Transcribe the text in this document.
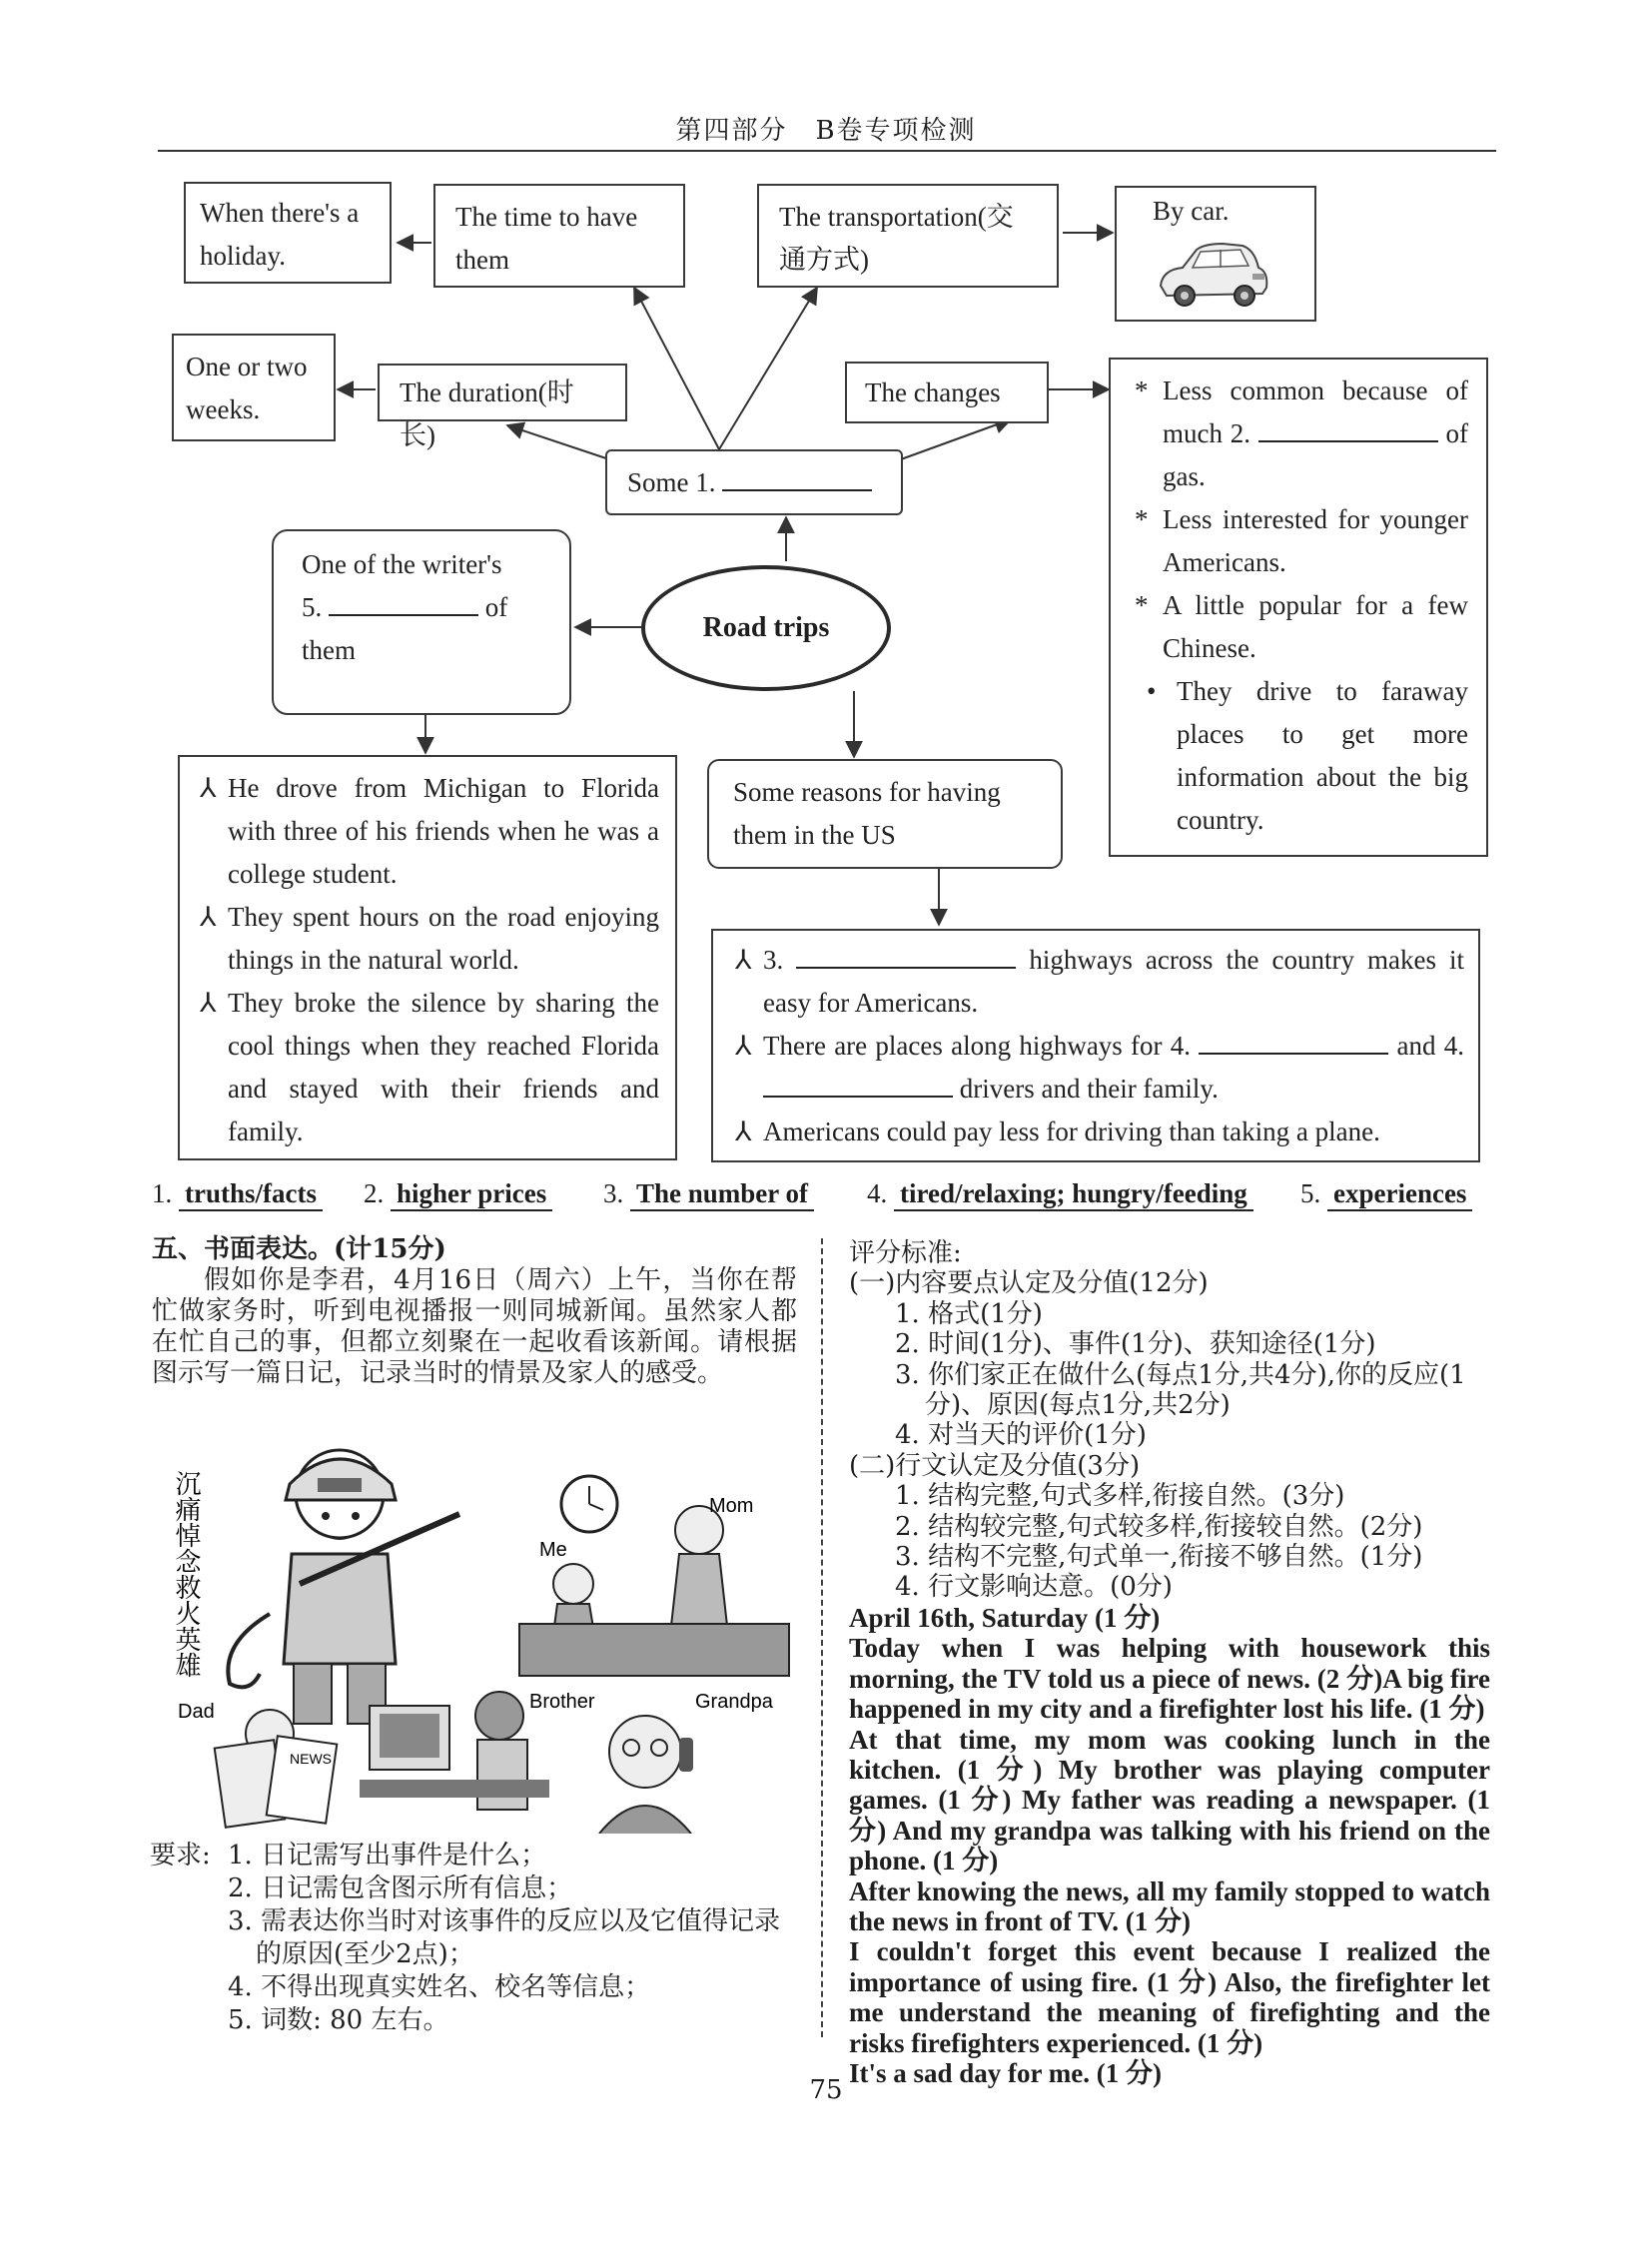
第四部分　B卷专项检测
When there's a holiday.
The time to have them
The transportation(交通方式)
By car.
One or two weeks.
The duration(时长)
The changes
Some 1.
* Less common because of much 2.	of gas.
* Less interested for younger Americans.
* A little popular for a few Chinese.
• They drive to faraway places to get more information about the big country.
Road trips
One of the writer's
5.	of
them
⅄ He drove from Michigan to Florida with three of his friends when he was a college student.
⅄ They spent hours on the road enjoying things in the natural world.
⅄ They broke the silence by sharing the cool things when they reached Florida and stayed with their friends and family.
Some reasons for having them in the US
⅄ 3.	highways across the country makes it easy for Americans.
⅄ There are places along highways for 4.	and 4.  drivers and their family.
⅄ Americans could pay less for driving than taking a plane.
1. truths/facts 2. higher prices 3. The number of 4. tired/relaxing; hungry/feeding 5. experiences
五、书面表达。(计15分)
假如你是李君，4月16日（周六）上午，当你在帮忙做家务时，听到电视播报一则同城新闻。虽然家人都在忙自己的事，但都立刻聚在一起收看该新闻。请根据图示写一篇日记，记录当时的情景及家人的感受。
沉痛悼念救火英雄	Mom
Me
NEWS
Dad	Brother	Grandpa
要求: 1. 日记需写出事件是什么；
2. 日记需包含图示所有信息；
3. 需表达你当时对该事件的反应以及它值得记录的原因(至少2点)；
4. 不得出现真实姓名、校名等信息；
5. 词数: 80 左右。
评分标准:
(一)内容要点认定及分值(12分)
1. 格式(1分)
2. 时间(1分)、事件(1分)、获知途径(1分)
3. 你们家正在做什么(每点1分,共4分),你的反应(1分)、原因(每点1分,共2分)
4. 对当天的评价(1分)
(二)行文认定及分值(3分)
1. 结构完整,句式多样,衔接自然。(3分)
2. 结构较完整,句式较多样,衔接较自然。(2分)
3. 结构不完整,句式单一,衔接不够自然。(1分)
4. 行文影响达意。(0分)

April 16th, Saturday (1 分)

Today when I was helping with housework this morning, the TV told us a piece of news. (2 分)A big fire happened in my city and a firefighter lost his life. (1 分)

At that time, my mom was cooking lunch in the kitchen. (1 分) My brother was playing computer games. (1 分) My father was reading a newspaper. (1 分) And my grandpa was talking with his friend on the phone. (1 分)

After knowing the news, all my family stopped to watch the news in front of TV. (1 分)

I couldn't forget this event because I realized the importance of using fire. (1 分) Also, the firefighter let me understand the meaning of firefighting and the risks firefighters experienced. (1 分)

It's a sad day for me. (1 分)

75
